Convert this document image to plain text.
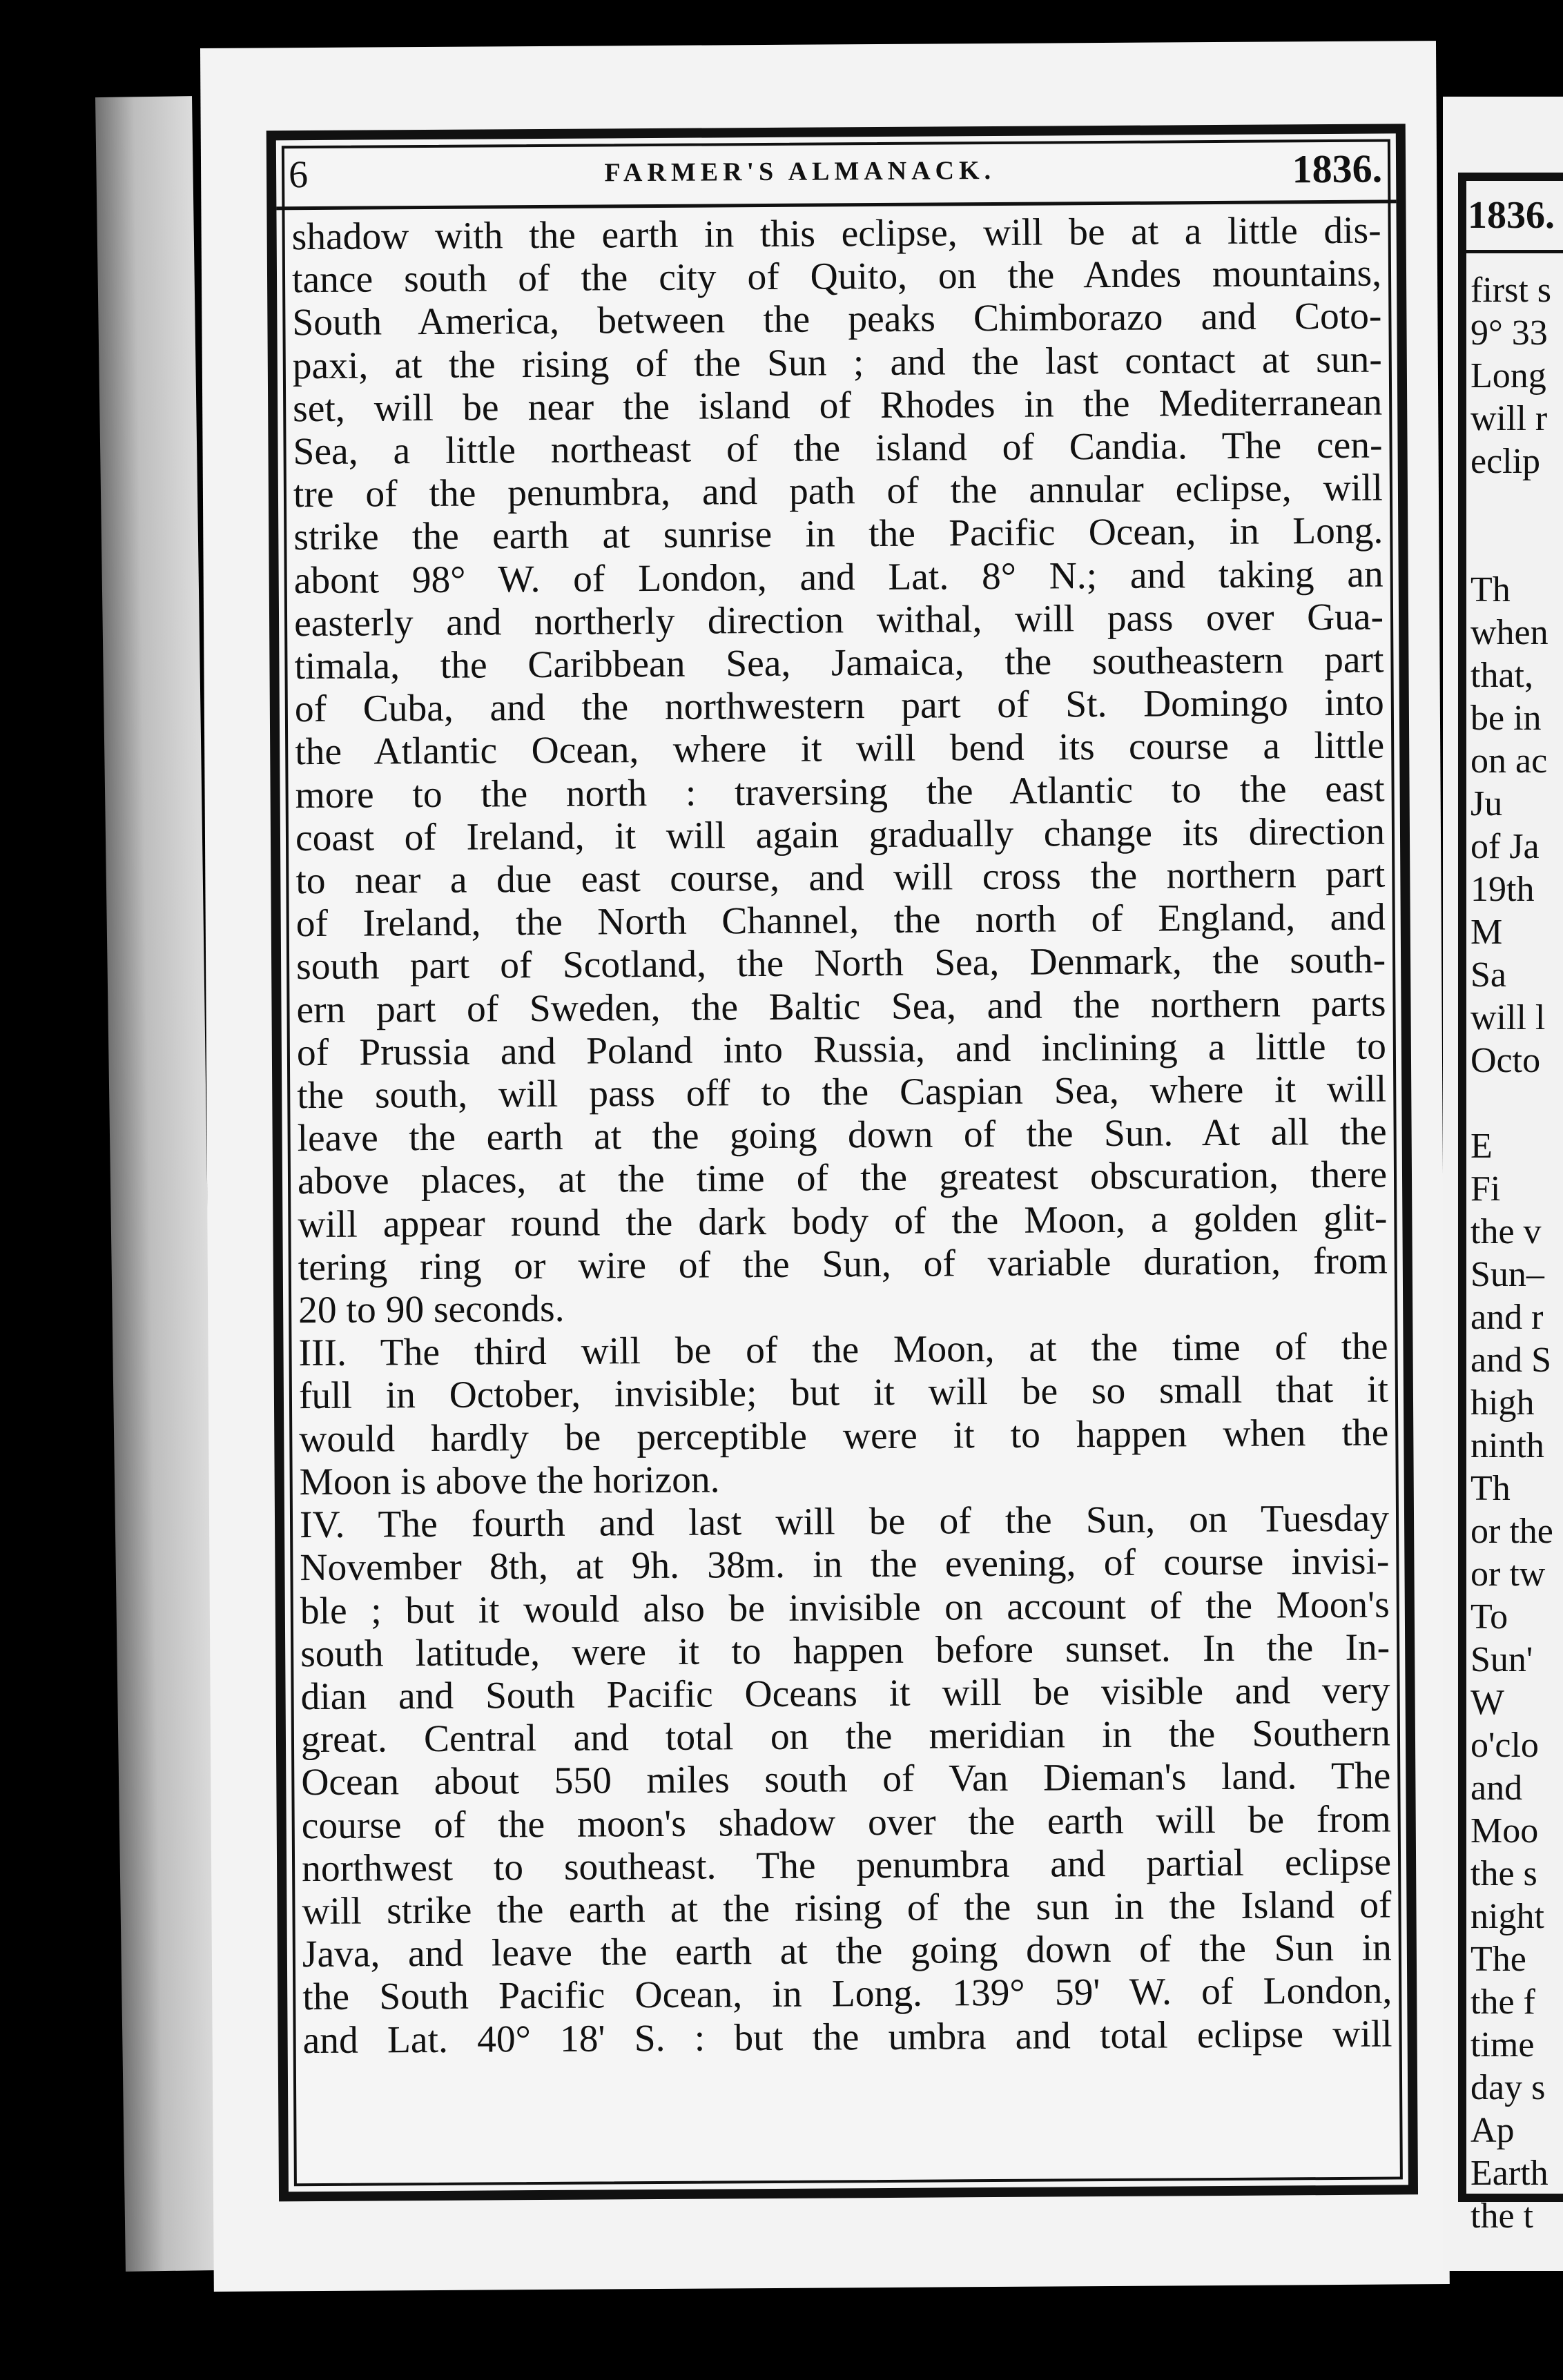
6	FARMER'S ALMANACK.	1836.
shadow with the earth in this eclipse, will be at a little dis-
tance south of the city of Quito, on the Andes mountains,
South America, between the peaks Chimborazo and Coto-
paxi, at the rising of the Sun ; and the last contact at sun-
set, will be near the island of Rhodes in the Mediterranean
Sea, a little northeast of the island of Candia. The cen-
tre of the penumbra, and path of the annular eclipse, will
strike the earth at sunrise in the Pacific Ocean, in Long.
abont 98° W. of London, and Lat. 8° N.; and taking an
easterly and northerly direction withal, will pass over Gua-
timala, the Caribbean Sea, Jamaica, the southeastern part
of Cuba, and the northwestern part of St. Domingo into
the Atlantic Ocean, where it will bend its course a little
more to the north : traversing the Atlantic to the east
coast of Ireland, it will again gradually change its direction
to near a due east course, and will cross the northern part
of Ireland, the North Channel, the north of England, and
south part of Scotland, the North Sea, Denmark, the south-
ern part of Sweden, the Baltic Sea, and the northern parts
of Prussia and Poland into Russia, and inclining a little to
the south, will pass off to the Caspian Sea, where it will
leave the earth at the going down of the Sun. At all the
above places, at the time of the greatest obscuration, there
will appear round the dark body of the Moon, a golden glit-
tering ring or wire of the Sun, of variable duration, from
20 to 90 seconds.
III. The third will be of the Moon, at the time of the
full in October, invisible; but it will be so small that it
would hardly be perceptible were it to happen when the
Moon is above the horizon.
IV. The fourth and last will be of the Sun, on Tuesday
November 8th, at 9h. 38m. in the evening, of course invisi-
ble ; but it would also be invisible on account of the Moon's
south latitude, were it to happen before sunset. In the In-
dian and South Pacific Oceans it will be visible and very
great. Central and total on the meridian in the Southern
Ocean about 550 miles south of Van Dieman's land. The
course of the moon's shadow over the earth will be from
northwest to southeast. The penumbra and partial eclipse
will strike the earth at the rising of the sun in the Island of
Java, and leave the earth at the going down of the Sun in
the South Pacific Ocean, in Long. 139° 59' W. of London,
and Lat. 40° 18' S. : but the umbra and total eclipse will
1836.
first s
9° 33
Long
will r
eclip

Th
when
that,
be in
on ac
Ju
of Ja
19th
M
Sa
will l
Octo

E
Fi
the v
Sun–
and r
and S
high
ninth
Th
or the
or tw
To
Sun'
W
o'clo
and
Moo
the s
night
The
the f
time
day s
Ap
Earth
the t
